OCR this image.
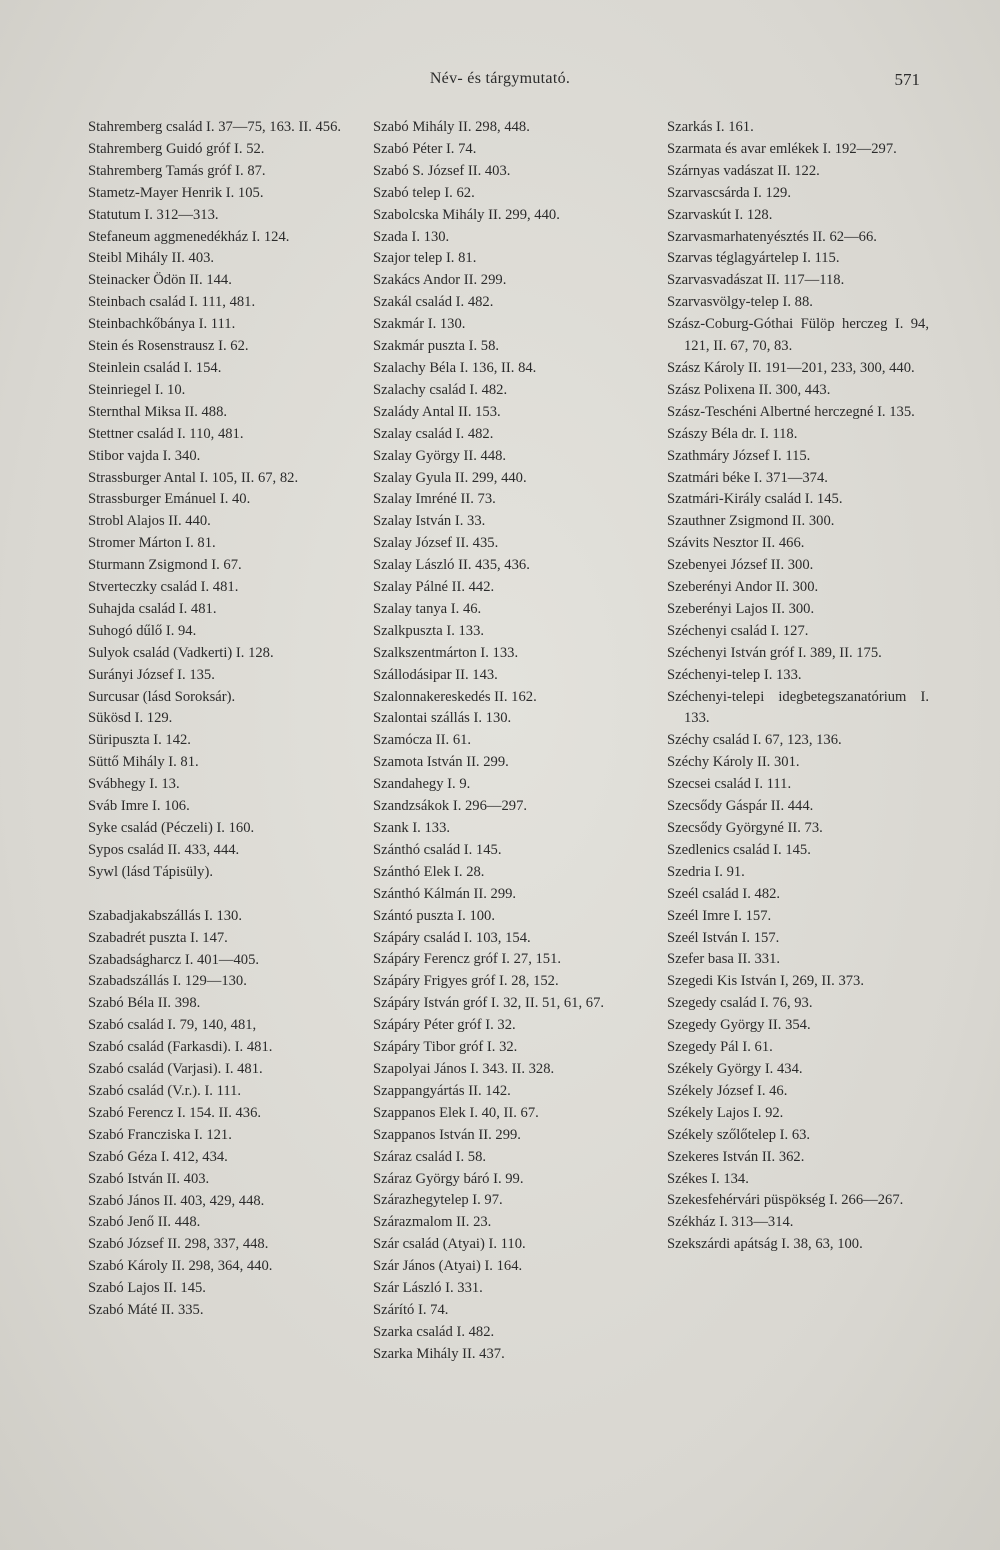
Név- és tárgymutató.	571

Stahremberg család I. 37—75, 163. II. 456.

Stahremberg Guidó gróf I. 52.

Stahremberg Tamás gróf I. 87.

Stametz-Mayer Henrik I. 105.

Statutum I. 312—313.

Stefaneum aggmenedékház I. 124.

Steibl Mihály II. 403.

Steinacker Ödön II. 144.

Steinbach család I. 111, 481.

Steinbachkőbánya I. 111.

Stein és Rosenstrausz I. 62.

Steinlein család I. 154.

Steinriegel I. 10.

Sternthal Miksa II. 488.

Stettner család I. 110, 481.

Stibor vajda I. 340.

Strassburger Antal I. 105, II. 67, 82.

Strassburger Emánuel I. 40.

Strobl Alajos II. 440.

Stromer Márton I. 81.

Sturmann Zsigmond I. 67.

Stverteczky család I. 481.

Suhajda család I. 481.

Suhogó dűlő I. 94.

Sulyok család (Vadkerti) I. 128.

Surányi József I. 135.

Surcusar (lásd Soroksár).

Sükösd I. 129.

Süripuszta I. 142.

Süttő Mihály I. 81.

Svábhegy I. 13.

Sváb Imre I. 106.

Syke család (Péczeli) I. 160.

Sypos család II. 433, 444.

Sywl (lásd Tápisüly).

Szabadjakabszállás I. 130.

Szabadrét puszta I. 147.

Szabadságharcz I. 401—405.

Szabadszállás I. 129—130.

Szabó Béla II. 398.

Szabó család I. 79, 140, 481,

Szabó család (Farkasdi). I. 481.

Szabó család (Varjasi). I. 481.

Szabó család (V.r.). I. 111.

Szabó Ferencz I. 154. II. 436.

Szabó Francziska I. 121.

Szabó Géza I. 412, 434.

Szabó István II. 403.

Szabó János II. 403, 429, 448.

Szabó Jenő II. 448.

Szabó József II. 298, 337, 448.

Szabó Károly II. 298, 364, 440.

Szabó Lajos II. 145.

Szabó Máté II. 335.

Szabó Mihály II. 298, 448.

Szabó Péter I. 74.

Szabó S. József II. 403.

Szabó telep I. 62.

Szabolcska Mihály II. 299, 440.

Szada I. 130.

Szajor telep I. 81.

Szakács Andor II. 299.

Szakál család I. 482.

Szakmár I. 130.

Szakmár puszta I. 58.

Szalachy Béla I. 136, II. 84.

Szalachy család I. 482.

Szalády Antal II. 153.

Szalay család I. 482.

Szalay György II. 448.

Szalay Gyula II. 299, 440.

Szalay Imréné II. 73.

Szalay István I. 33.

Szalay József II. 435.

Szalay László II. 435, 436.

Szalay Pálné II. 442.

Szalay tanya I. 46.

Szalkpuszta I. 133.

Szalkszentmárton I. 133.

Szállodásipar II. 143.

Szalonnakereskedés II. 162.

Szalontai szállás I. 130.

Szamócza II. 61.

Szamota István II. 299.

Szandahegy I. 9.

Szandzsákok I. 296—297.

Szank I. 133.

Szánthó család I. 145.

Szánthó Elek I. 28.

Szánthó Kálmán II. 299.

Szántó puszta I. 100.

Szápáry család I. 103, 154.

Szápáry Ferencz gróf I. 27, 151.

Szápáry Frigyes gróf I. 28, 152.

Szápáry István gróf I. 32, II. 51, 61, 67.

Szápáry Péter gróf I. 32.

Szápáry Tibor gróf I. 32.

Szapolyai János I. 343. II. 328.

Szappangyártás II. 142.

Szappanos Elek I. 40, II. 67.

Szappanos István II. 299.

Száraz család I. 58.

Száraz György báró I. 99.

Szárazhegytelep I. 97.

Szárazmalom II. 23.

Szár család (Atyai) I. 110.

Szár János (Atyai) I. 164.

Szár László I. 331.

Szárító I. 74.

Szarka család I. 482.

Szarka Mihály II. 437.

Szarkás I. 161.

Szarmata és avar emlékek I. 192—297.

Szárnyas vadászat II. 122.

Szarvascsárda I. 129.

Szarvaskút I. 128.

Szarvasmarhatenyésztés II. 62—66.

Szarvas téglagyártelep I. 115.

Szarvasvadászat II. 117—118.

Szarvasvölgy-telep I. 88.

Szász-Coburg-Góthai Fülöp herczeg I. 94, 121, II. 67, 70, 83.

Szász Károly II. 191—201, 233, 300, 440.

Szász Polixena II. 300, 443.

Szász-Teschéni Albertné herczegné I. 135.

Szászy Béla dr. I. 118.

Szathmáry József I. 115.

Szatmári béke I. 371—374.

Szatmári-Király család I. 145.

Szauthner Zsigmond II. 300.

Szávits Nesztor II. 466.

Szebenyei József II. 300.

Szeberényi Andor II. 300.

Szeberényi Lajos II. 300.

Széchenyi család I. 127.

Széchenyi István gróf I. 389, II. 175.

Széchenyi-telep I. 133.

Széchenyi-telepi idegbetegszanatórium I. 133.

Széchy család I. 67, 123, 136.

Széchy Károly II. 301.

Szecsei család I. 111.

Szecsődy Gáspár II. 444.

Szecsődy Györgyné II. 73.

Szedlenics család I. 145.

Szedria I. 91.

Szeél család I. 482.

Szeél Imre I. 157.

Szeél István I. 157.

Szefer basa II. 331.

Szegedi Kis István I, 269, II. 373.

Szegedy család I. 76, 93.

Szegedy György II. 354.

Szegedy Pál I. 61.

Székely György I. 434.

Székely József I. 46.

Székely Lajos I. 92.

Székely szőlőtelep I. 63.

Szekeres István II. 362.

Székes I. 134.

Szekesfehérvári püspökség I. 266—267.

Székház I. 313—314.

Szekszárdi apátság I. 38, 63, 100.
